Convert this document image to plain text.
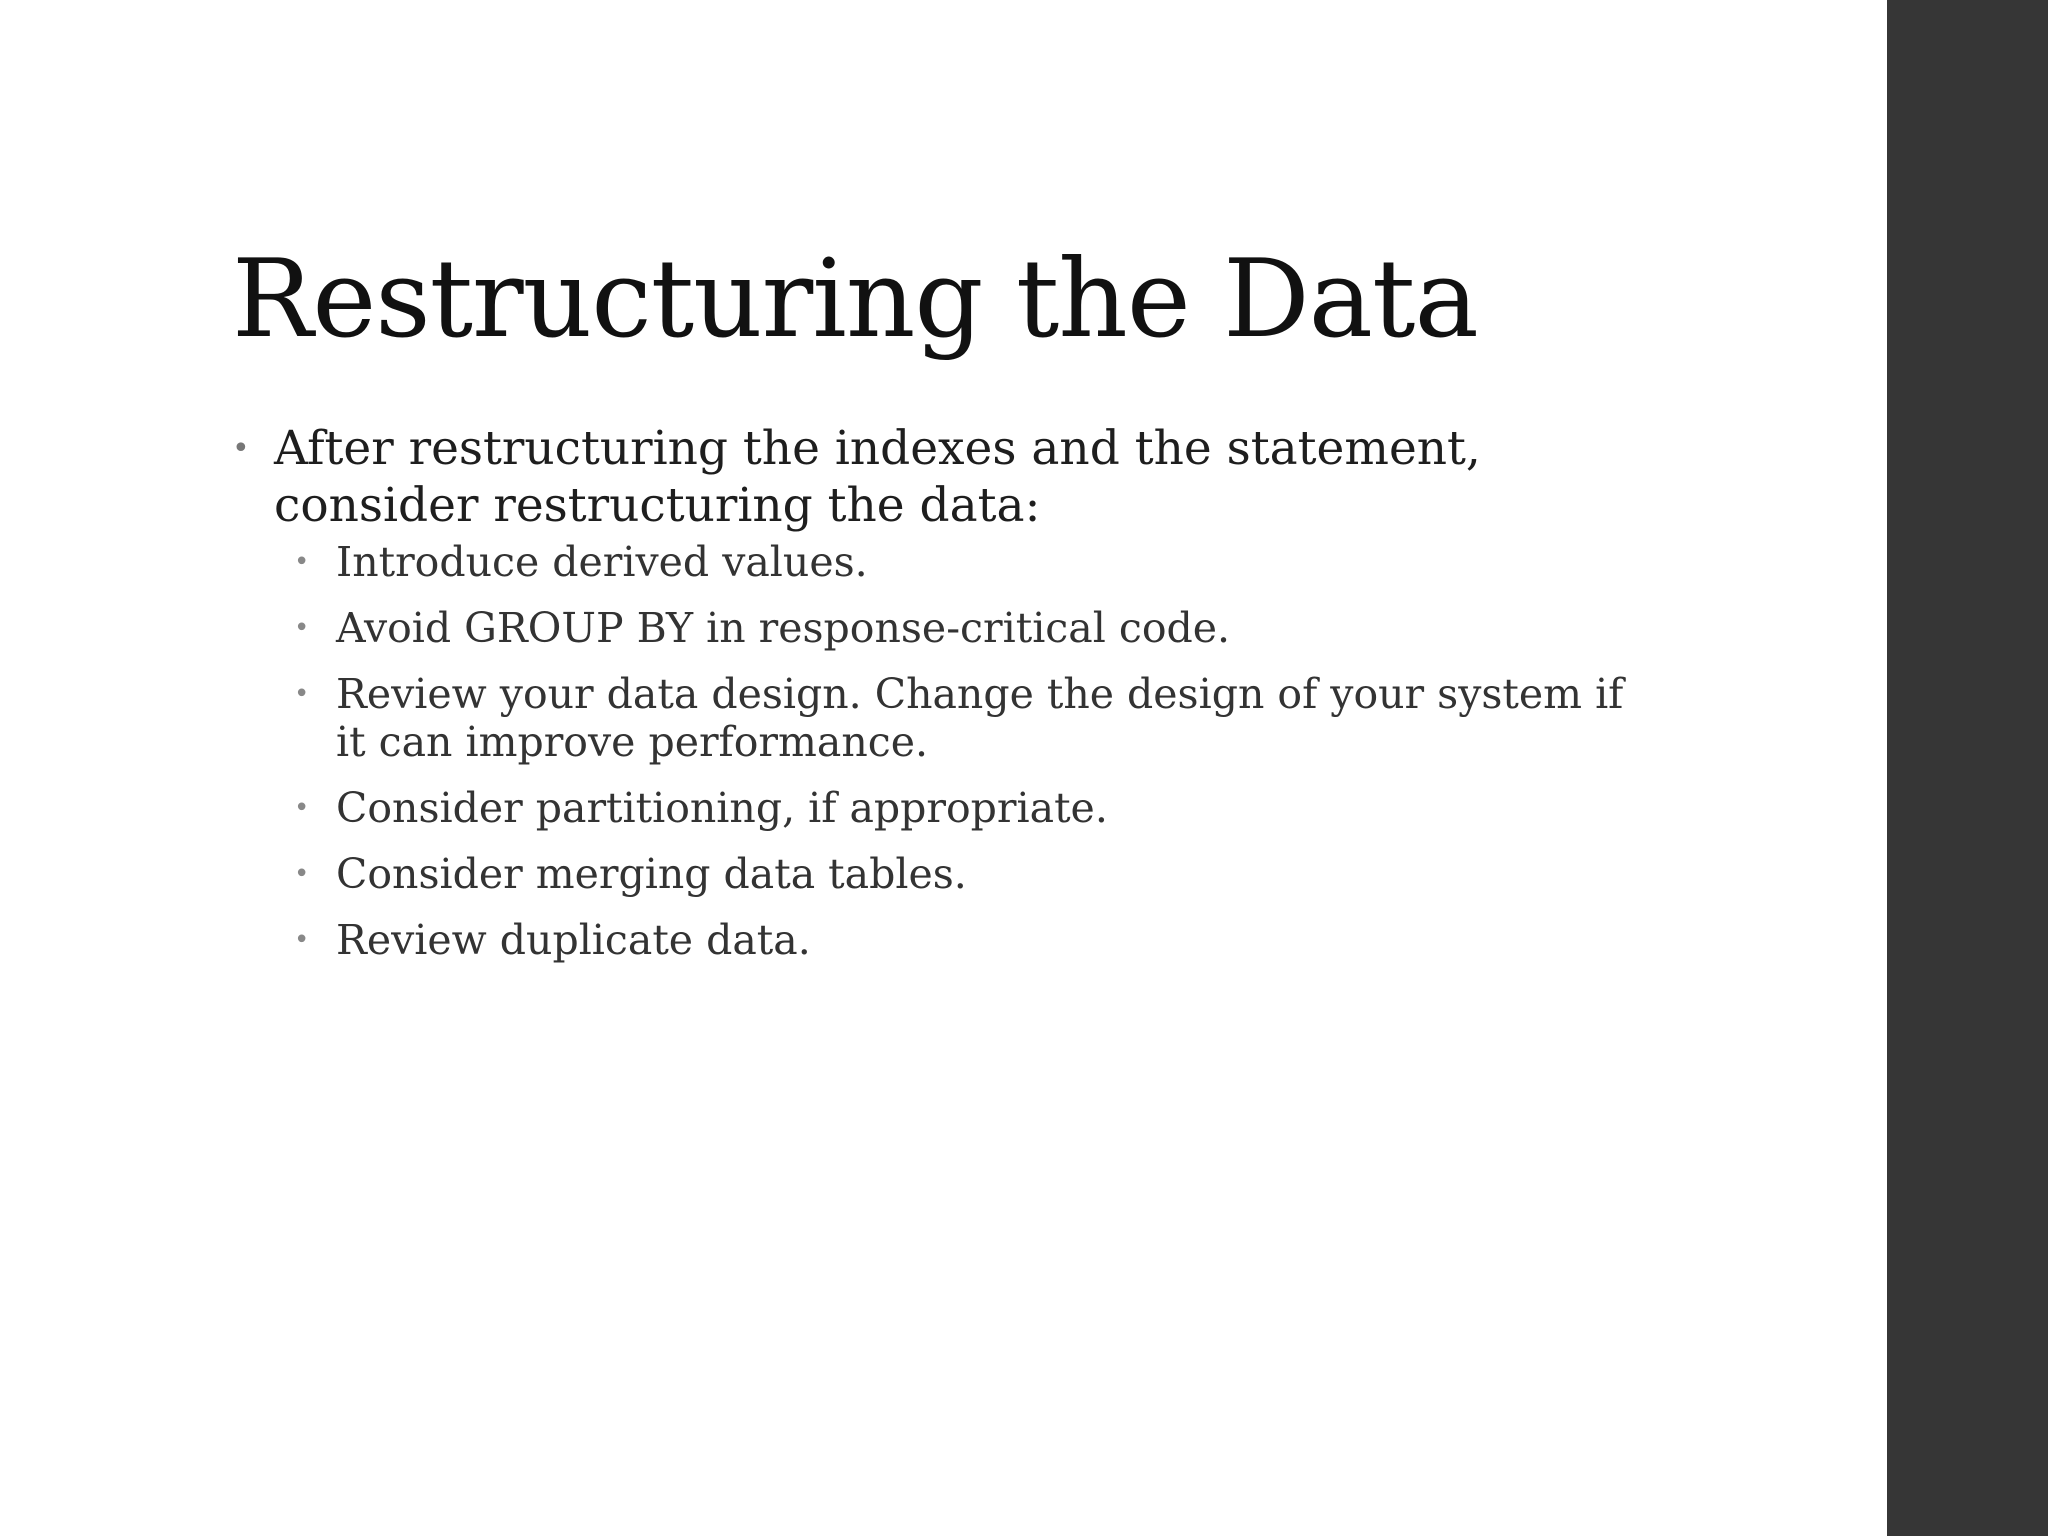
Restructuring the Data

• After restructuring the indexes and the statement, consider restructuring the data:

• Introduce derived values.
• Avoid GROUP BY in response-critical code.
• Review your data design. Change the design of your system if it can improve performance.
• Consider partitioning, if appropriate.
• Consider merging data tables.
• Review duplicate data.
